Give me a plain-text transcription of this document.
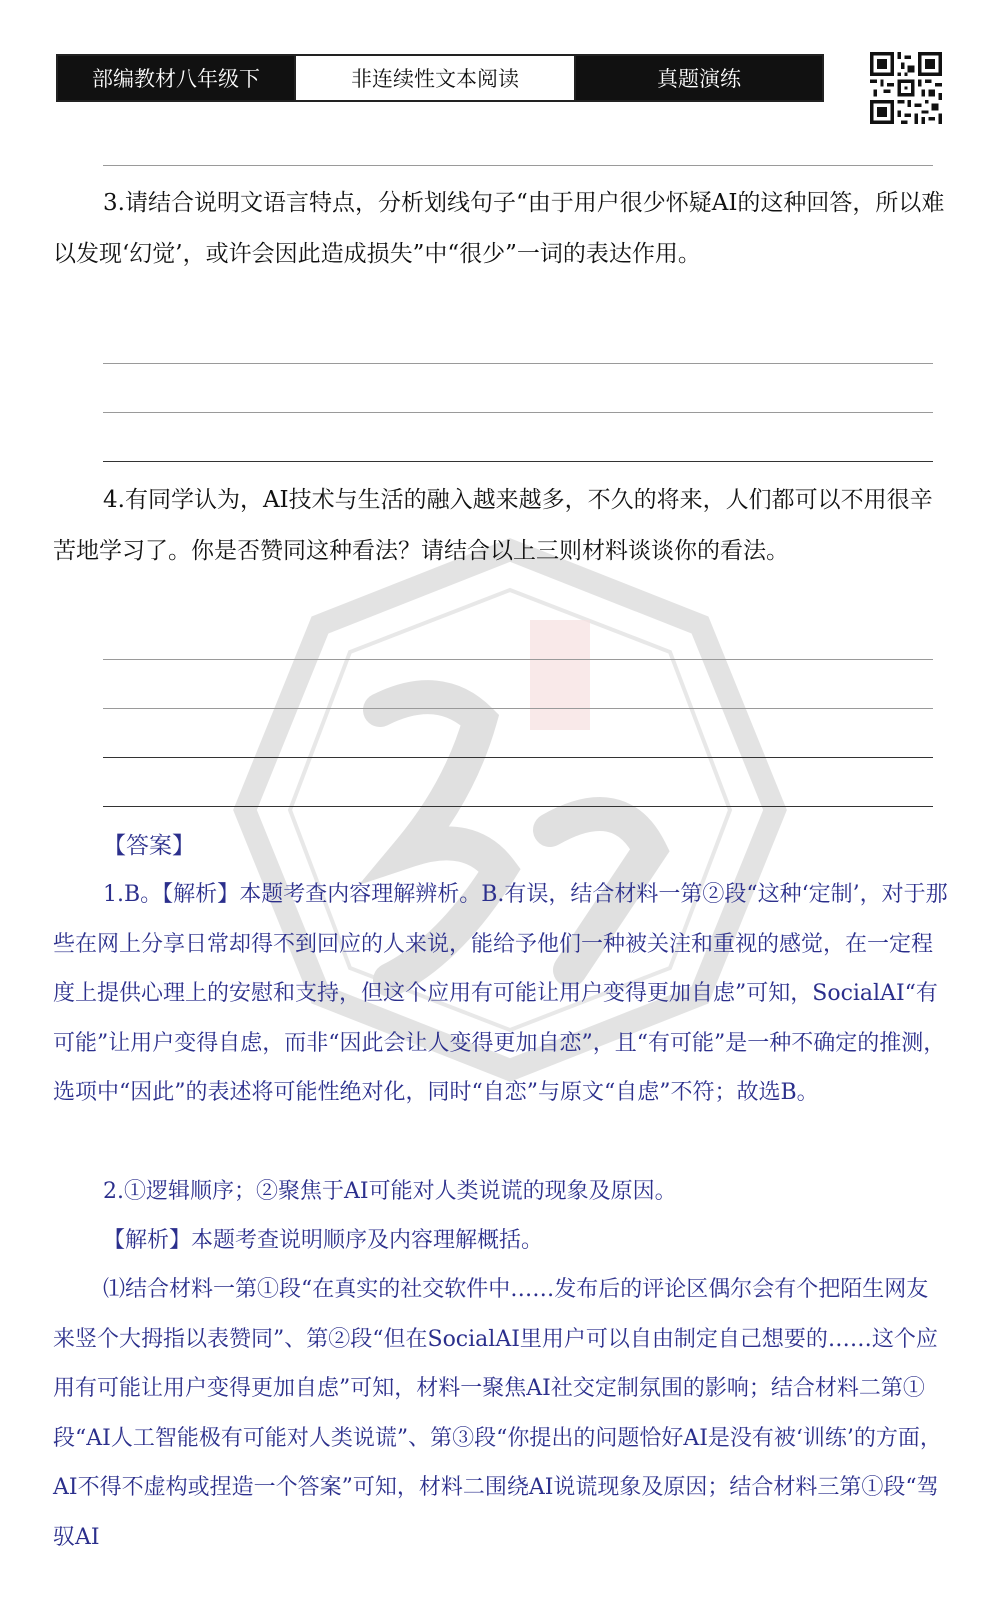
部编教材八年级下	非连续性文本阅读	真题演练
3.请结合说明文语言特点，分析划线句子“由于用户很少怀疑AI的这种回答，所以难以发现‘幻觉’，或许会因此造成损失”中“很少”一词的表达作用。
4.有同学认为，AI技术与生活的融入越来越多，不久的将来，人们都可以不用很辛苦地学习了。你是否赞同这种看法？请结合以上三则材料谈谈你的看法。
【答案】
1.B。【解析】本题考查内容理解辨析。B.有误，结合材料一第②段“这种‘定制’，对于那些在网上分享日常却得不到回应的人来说，能给予他们一种被关注和重视的感觉，在一定程度上提供心理上的安慰和支持，但这个应用有可能让用户变得更加自虑”可知，SocialAI“有可能”让用户变得自虑，而非“因此会让人变得更加自恋”，且“有可能”是一种不确定的推测，选项中“因此”的表述将可能性绝对化，同时“自恋”与原文“自虑”不符；故选B。
2.①逻辑顺序；②聚焦于AI可能对人类说谎的现象及原因。
【解析】本题考查说明顺序及内容理解概括。
⑴结合材料一第①段“在真实的社交软件中……发布后的评论区偶尔会有个把陌生网友来竖个大拇指以表赞同”、第②段“但在SocialAI里用户可以自由制定自己想要的……这个应用有可能让用户变得更加自虑”可知，材料一聚焦AI社交定制氛围的影响；结合材料二第①段“AI人工智能极有可能对人类说谎”、第③段“你提出的问题恰好AI是没有被‘训练’的方面，AI不得不虚构或捏造一个答案”可知，材料二围绕AI说谎现象及原因；结合材料三第①段“驾驭AI
